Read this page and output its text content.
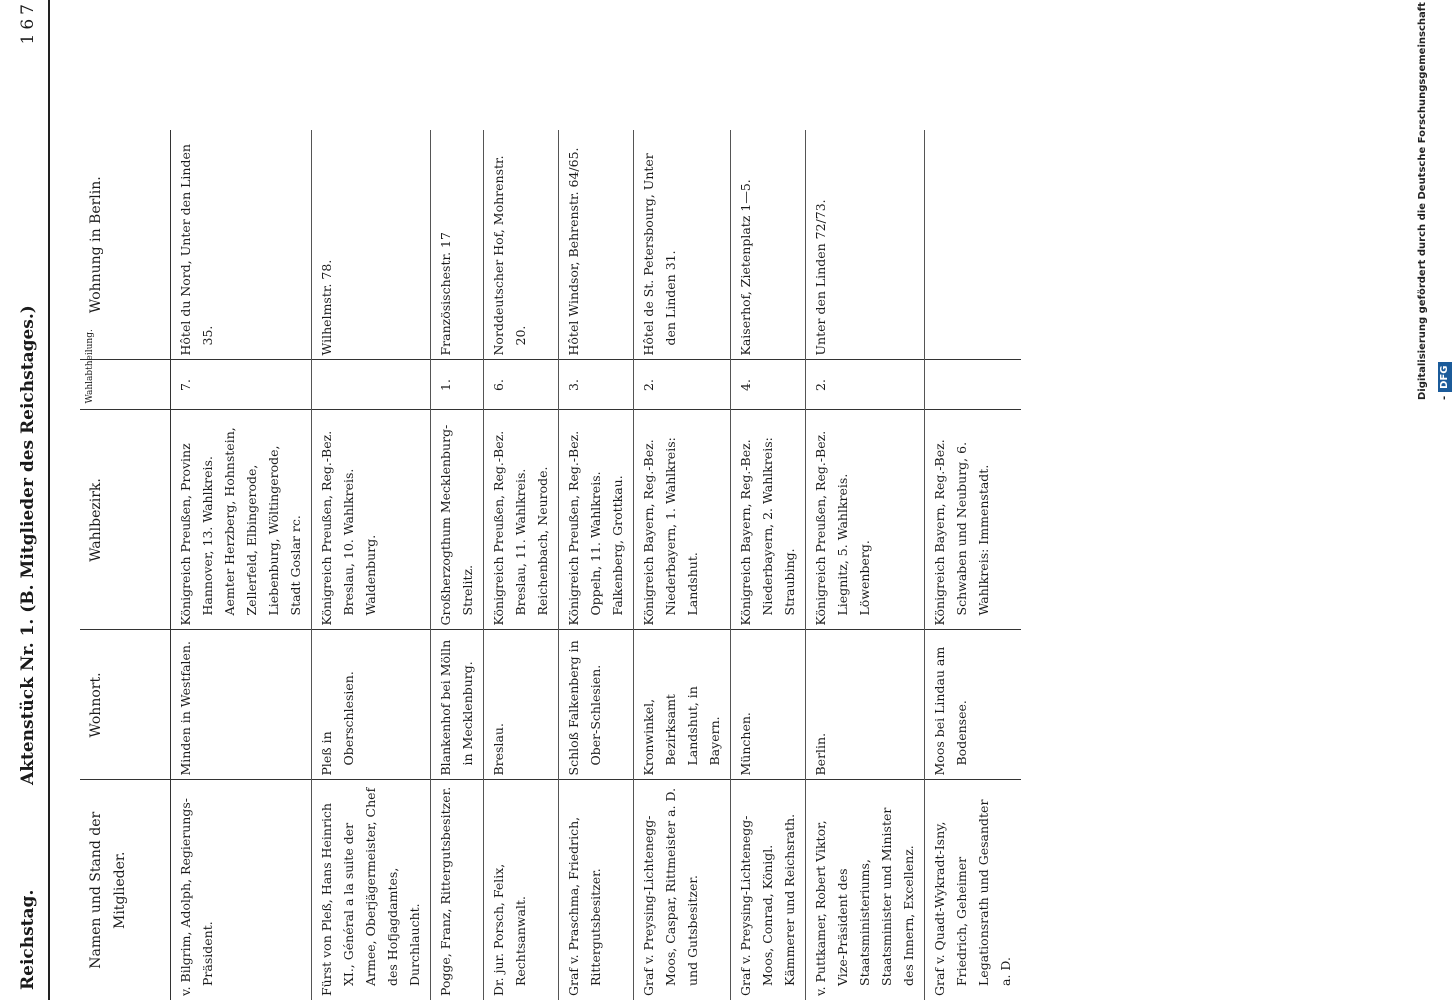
Reichstag.
Aktenstück Nr. 1. (B. Mitglieder des Reichstages.)
167
Namen und Stand der Mitglieder.	Wohnort.	Wahlbezirk.	Wahlabtheilung.	Wohnung in Berlin.
v. Bilgrim, Adolph, Regierungs-Präsident.	Minden in Westfalen.	Königreich Preußen, Provinz Hannover, 13. Wahlkreis. Aemter Herzberg, Hohnstein, Zellerfeld, Elbingerode, Liebenburg, Wöltingerode, Stadt Goslar rc.	7.	Hôtel du Nord, Unter den Linden 35.
Fürst von Pleß, Hans Heinrich XI., Général a la suite der Armee, Oberjägermeister, Chef des Hofjagdamtes, Durchlaucht.	Pleß in Oberschlesien.	Königreich Preußen, Reg.-Bez. Breslau, 10. Wahlkreis. Waldenburg.		Wilhelmstr. 78.
Pogge, Franz, Rittergutsbesitzer.	Blankenhof bei Mölln in Mecklenburg.	Großherzogthum Mecklenburg-Strelitz.	1.	Französischestr. 17
Dr. jur. Porsch, Felix, Rechtsanwalt.	Breslau.	Königreich Preußen, Reg.-Bez. Breslau, 11. Wahlkreis. Reichenbach, Neurode.	6.	Norddeutscher Hof, Mohrenstr. 20.
Graf v. Praschma, Friedrich, Rittergutsbesitzer.	Schloß Falkenberg in Ober-Schlesien.	Königreich Preußen, Reg.-Bez. Oppeln, 11. Wahlkreis. Falkenberg, Grottkau.	3.	Hôtel Windsor, Behrenstr. 64/65.
Graf v. Preysing-Lichtenegg-Moos, Caspar, Rittmeister a. D. und Gutsbesitzer.	Kronwinkel, Bezirksamt Landshut, in Bayern.	Königreich Bayern, Reg.-Bez. Niederbayern, 1. Wahlkreis: Landshut.	2.	Hôtel de St. Petersbourg, Unter den Linden 31.
Graf v. Preysing-Lichtenegg-Moos, Conrad, Königl. Kämmerer und Reichsrath.	München.	Königreich Bayern, Reg.-Bez. Niederbayern, 2. Wahlkreis: Straubing.	4.	Kaiserhof, Zietenplatz 1—5.
v. Puttkamer, Robert Viktor, Vize-Präsident des Staatsministeriums, Staatsminister und Minister des Innern, Excellenz.	Berlin.	Königreich Preußen, Reg.-Bez. Liegnitz, 5. Wahlkreis. Löwenberg.	2.	Unter den Linden 72/73.
Graf v. Quadt-Wykradt-Isny, Friedrich, Geheimer Legationsrath und Gesandter a. D.	Moos bei Lindau am Bodensee.	Königreich Bayern, Reg.-Bez. Schwaben und Neuburg, 6. Wahlkreis: Immenstadt.		
Digitalisierung gefördert durch die Deutsche Forschungsgemeinschaft -DFG
